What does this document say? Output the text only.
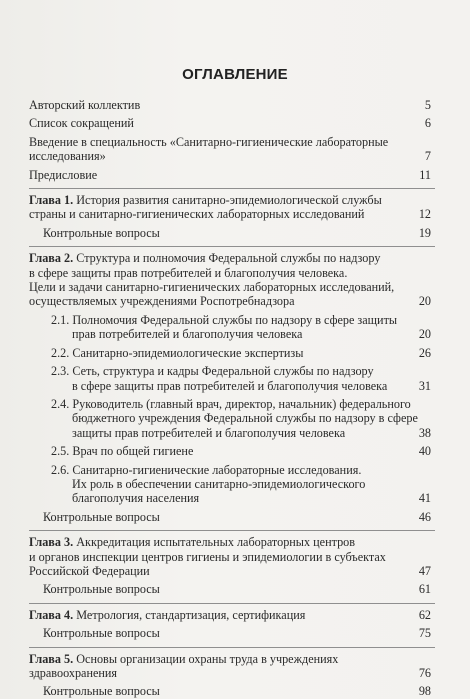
ОГЛАВЛЕНИЕ
Авторский коллектив	5
Список сокращений	6
Введение в специальность «Санитарно-гигиенические лабораторные
исследования»	7
Предисловие	11
Глава 1. История развития санитарно-эпидемиологической службы
страны и санитарно-гигиенических лабораторных исследований	12
Контрольные вопросы	19
Глава 2. Структура и полномочия Федеральной службы по надзору
в сфере защиты прав потребителей и благополучия человека.
Цели и задачи санитарно-гигиенических лабораторных исследований,
осуществляемых учреждениями Роспотребнадзора	20
2.1. Полномочия Федеральной службы по надзору в сфере защиты
прав потребителей и благополучия человека	20
2.2. Санитарно-эпидемиологические экспертизы	26
2.3. Сеть, структура и кадры Федеральной службы по надзору
в сфере защиты прав потребителей и благополучия человека	31
2.4. Руководитель (главный врач, директор, начальник) федерального
бюджетного учреждения Федеральной службы по надзору в сфере
защиты прав потребителей и благополучия человека	38
2.5. Врач по общей гигиене	40
2.6. Санитарно-гигиенические лабораторные исследования.
Их роль в обеспечении санитарно-эпидемиологического
благополучия населения	41
Контрольные вопросы	46
Глава 3. Аккредитация испытательных лабораторных центров
и органов инспекции центров гигиены и эпидемиологии в субъектах
Российской Федерации	47
Контрольные вопросы	61
Глава 4. Метрология, стандартизация, сертификация	62
Контрольные вопросы	75
Глава 5. Основы организации охраны труда в учреждениях
здравоохранения	76
Контрольные вопросы	98
